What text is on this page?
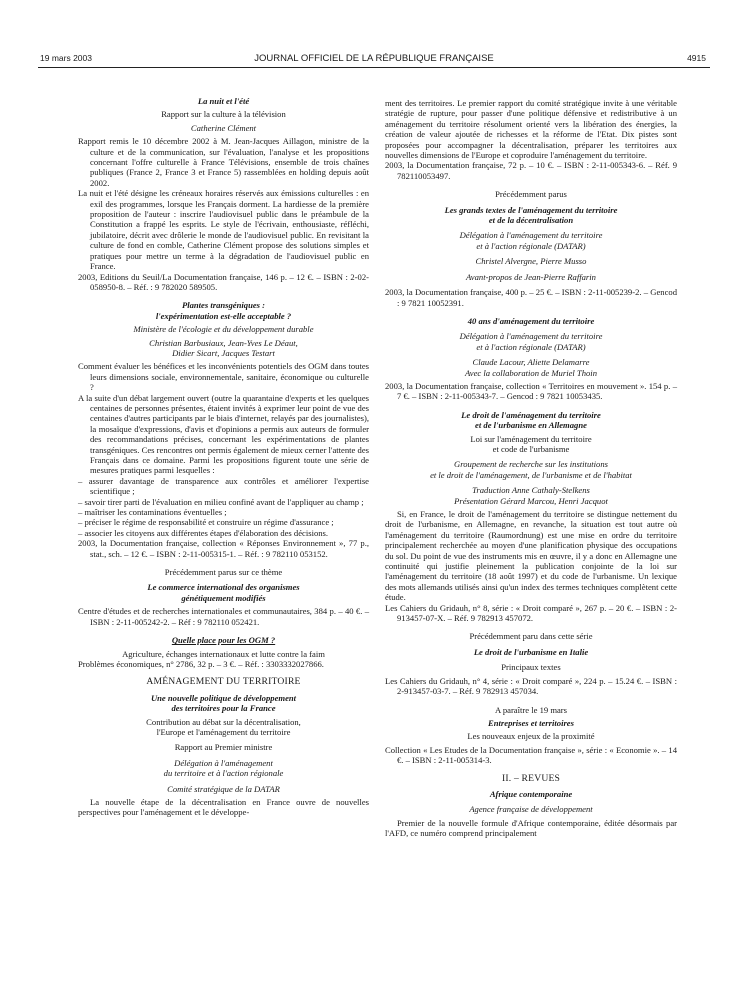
19 mars 2003	JOURNAL OFFICIEL DE LA RÉPUBLIQUE FRANÇAISE	4915
La nuit et l'été
Rapport sur la culture à la télévision
Catherine Clément
Rapport remis le 10 décembre 2002 à M. Jean-Jacques Aillagon, ministre de la culture et de la communication, sur l'évaluation, l'analyse et les propositions concernant l'offre culturelle à France Télévisions, ensemble de trois chaînes publiques (France 2, France 3 et France 5) rassemblées en holding depuis août 2002.
La nuit et l'été désigne les créneaux horaires réservés aux émissions culturelles : en exil des programmes, lorsque les Français dorment. La hardiesse de la première proposition de l'auteur : inscrire l'audiovisuel public dans le préambule de la Constitution a frappé les esprits. Le style de l'écrivain, enthousiaste, réfléchi, jubilatoire, décrit avec drôlerie le monde de l'audiovisuel public. En revisitant la culture de fond en comble, Catherine Clément propose des solutions simples et pratiques pour mettre un terme à la dégradation de l'audiovisuel public en France.
2003, Editions du Seuil/La Documentation française, 146 p. – 12 €. – ISBN : 2-02-058950-8. – Réf. : 9 782020 589505.
Plantes transgéniques :
l'expérimentation est-elle acceptable ?
Ministère de l'écologie et du développement durable
Christian Barbusiaux, Jean-Yves Le Déaut,
Didier Sicart, Jacques Testart
Comment évaluer les bénéfices et les inconvénients potentiels des OGM dans toutes leurs dimensions sociale, environnementale, sanitaire, économique ou culturelle ?
A la suite d'un débat largement ouvert (outre la quarantaine d'experts et les quelques centaines de personnes présentes, étaient invités à exprimer leur point de vue des centaines d'autres participants par le biais d'internet, relayés par des journalistes), la mosaïque d'expressions, d'avis et d'opinions a permis aux auteurs de formuler des recommandations précises, concernant les expérimentations de plantes transgéniques. Ces rencontres ont permis également de mieux cerner l'attente des Français dans ce domaine. Parmi les propositions figurent toute une série de mesures pratiques parmi lesquelles :
– assurer davantage de transparence aux contrôles et améliorer l'expertise scientifique ;
– savoir tirer parti de l'évaluation en milieu confiné avant de l'appliquer au champ ;
– maîtriser les contaminations éventuelles ;
– préciser le régime de responsabilité et construire un régime d'assurance ;
– associer les citoyens aux différentes étapes d'élaboration des décisions.
2003, la Documentation française, collection « Réponses Environnement », 77 p., stat., sch. – 12 €. – ISBN : 2-11-005315-1. – Réf. : 9 782110 053152.
Précédemment parus sur ce thème
Le commerce international des organismes
génétiquement modifiés
Centre d'études et de recherches internationales et communautaires, 384 p. – 40 €. – ISBN : 2-11-005242-2. – Réf : 9 782110 052421.
Quelle place pour les OGM ?
Agriculture, échanges internationaux et lutte contre la faim
Problèmes économiques, n° 2786, 32 p. – 3 €. – Réf. : 3303332027866.
AMÉNAGEMENT DU TERRITOIRE
Une nouvelle politique de développement
des territoires pour la France
Contribution au débat sur la décentralisation,
l'Europe et l'aménagement du territoire
Rapport au Premier ministre
Délégation à l'aménagement
du territoire et à l'action régionale
Comité stratégique de la DATAR
La nouvelle étape de la décentralisation en France ouvre de nouvelles perspectives pour l'aménagement et le développe-
ment des territoires. Le premier rapport du comité stratégique invite à une véritable stratégie de rupture, pour passer d'une politique défensive et redistributive à un aménagement du territoire résolument orienté vers la libération des énergies, la création de valeur ajoutée de richesses et la réforme de l'Etat. Dix pistes sont proposées pour accompagner la décentralisation, préparer les territoires aux nouvelles dimensions de l'Europe et coproduire l'aménagement du territoire.
2003, la Documentation française, 72 p. – 10 €. – ISBN : 2-11-005343-6. – Réf. 9 782110053497.
Précédemment parus
Les grands textes de l'aménagement du territoire
et de la décentralisation
Délégation à l'aménagement du territoire
et à l'action régionale (DATAR)
Christel Alvergne, Pierre Musso
Avant-propos de Jean-Pierre Raffarin
2003, la Documentation française, 400 p. – 25 €. – ISBN : 2-11-005239-2. – Gencod : 9 7821 10052391.
40 ans d'aménagement du territoire
Délégation à l'aménagement du territoire
et à l'action régionale (DATAR)
Claude Lacour, Aliette Delamarre
Avec la collaboration de Muriel Thoin
2003, la Documentation française, collection « Territoires en mouvement ». 154 p. – 7 €. – ISBN : 2-11-005343-7. – Gencod : 9 7821 10053435.
Le droit de l'aménagement du territoire
et de l'urbanisme en Allemagne
Loi sur l'aménagement du territoire
et code de l'urbanisme
Groupement de recherche sur les institutions
et le droit de l'aménagement, de l'urbanisme et de l'habitat
Traduction Anne Cathaly-Stelkens
Présentation Gérard Marcou, Henri Jacquot
Si, en France, le droit de l'aménagement du territoire se distingue nettement du droit de l'urbanisme, en Allemagne, en revanche, la situation est tout autre où l'aménagement du territoire (Raumordnung) est une mise en ordre du territoire principalement recherchée au moyen d'une planification physique des occupations du sol. Du point de vue des instruments mis en œuvre, il y a donc en Allemagne une continuité qui justifie pleinement la publication conjointe de la loi sur l'aménagement du territoire (18 août 1997) et du code de l'urbanisme. Un lexique des mots allemands utilisés ainsi qu'un index des termes techniques complètent cette étude.
Les Cahiers du Gridauh, n° 8, série : « Droit comparé », 267 p. – 20 €. – ISBN : 2-913457-07-X. – Réf. 9 782913 457072.
Précédemment paru dans cette série
Le droit de l'urbanisme en Italie
Principaux textes
Les Cahiers du Gridauh, n° 4, série : « Droit comparé », 224 p. – 15.24 €. – ISBN : 2-913457-03-7. – Réf. 9 782913 457034.
A paraître le 19 mars
Entreprises et territoires
Les nouveaux enjeux de la proximité
Collection « Les Etudes de la Documentation française », série : « Economie ». – 14 €. – ISBN : 2-11-005314-3.
II. – REVUES
Afrique contemporaine
Agence française de développement
Premier de la nouvelle formule d'Afrique contemporaine, éditée désormais par l'AFD, ce numéro comprend principalement
